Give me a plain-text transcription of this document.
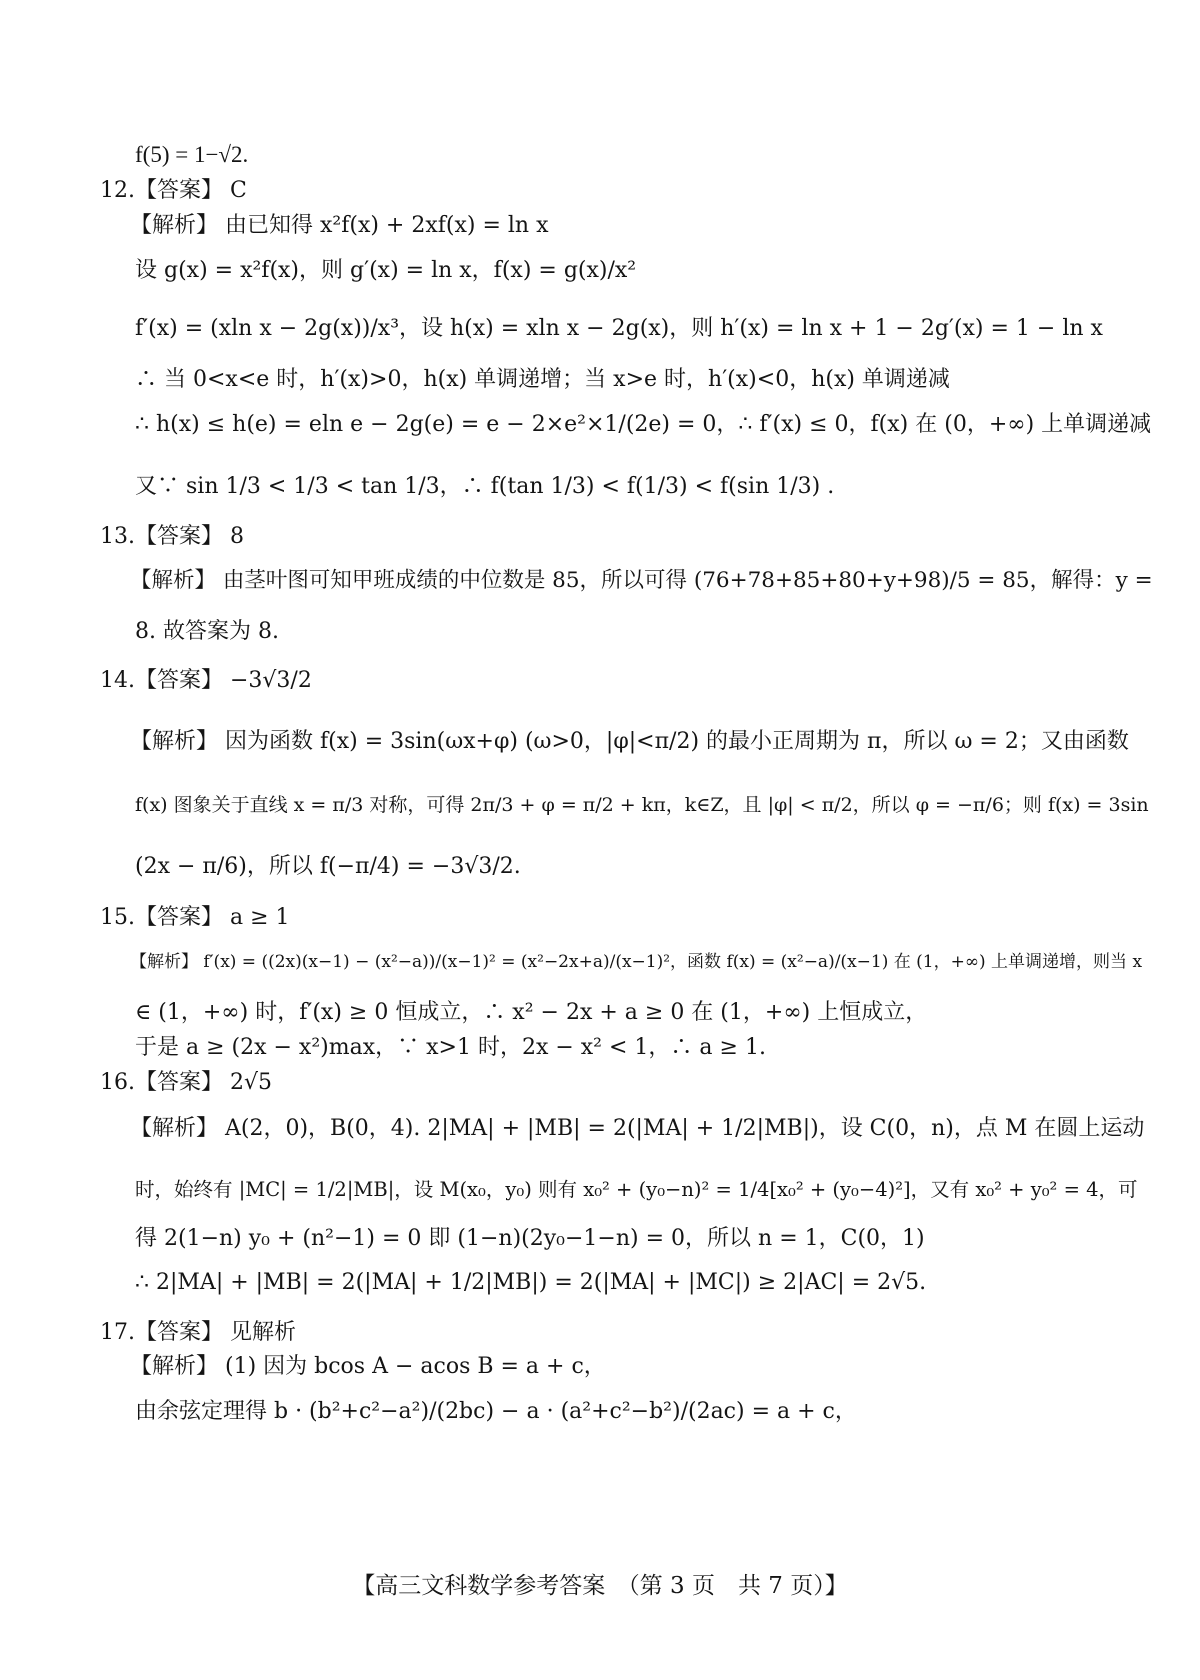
f(5) = 1−√2.
12.【答案】 C
【解析】 由已知得 x²f(x) + 2xf(x) = ln x
设 g(x) = x²f(x)，则 g′(x) = ln x，f(x) = g(x)/x²
f′(x) = (xln x − 2g(x))/x³，设 h(x) = xln x − 2g(x)，则 h′(x) = ln x + 1 − 2g′(x) = 1 − ln x
∴ 当 0<x<e 时，h′(x)>0，h(x) 单调递增；当 x>e 时，h′(x)<0，h(x) 单调递减
∴ h(x) ≤ h(e) = eln e − 2g(e) = e − 2×e²×1/(2e) = 0，∴ f′(x) ≤ 0，f(x) 在 (0，+∞) 上单调递减
又∵ sin 1/3 < 1/3 < tan 1/3，∴ f(tan 1/3) < f(1/3) < f(sin 1/3) .
13.【答案】 8
【解析】 由茎叶图可知甲班成绩的中位数是 85，所以可得 (76+78+85+80+y+98)/5 = 85，解得：y =
8. 故答案为 8.
14.【答案】 −3√3/2
【解析】 因为函数 f(x) = 3sin(ωx+φ) (ω>0，|φ|<π/2) 的最小正周期为 π，所以 ω = 2；又由函数
f(x) 图象关于直线 x = π/3 对称，可得 2π/3 + φ = π/2 + kπ，k∈Z，且 |φ| < π/2，所以 φ = −π/6；则 f(x) = 3sin
(2x − π/6)，所以 f(−π/4) = −3√3/2.
15.【答案】 a ≥ 1
【解析】 f′(x) = ((2x)(x−1) − (x²−a))/(x−1)² = (x²−2x+a)/(x−1)²，函数 f(x) = (x²−a)/(x−1) 在 (1，+∞) 上单调递增，则当 x
∈ (1，+∞) 时，f′(x) ≥ 0 恒成立，∴ x² − 2x + a ≥ 0 在 (1，+∞) 上恒成立，
于是 a ≥ (2x − x²)max，∵ x>1 时，2x − x² < 1，∴ a ≥ 1.
16.【答案】 2√5
【解析】 A(2，0)，B(0，4). 2|MA| + |MB| = 2(|MA| + 1/2|MB|)，设 C(0，n)，点 M 在圆上运动
时，始终有 |MC| = 1/2|MB|，设 M(x₀，y₀) 则有 x₀² + (y₀−n)² = 1/4[x₀² + (y₀−4)²]，又有 x₀² + y₀² = 4，可
得 2(1−n) y₀ + (n²−1) = 0 即 (1−n)(2y₀−1−n) = 0，所以 n = 1，C(0，1)
∴ 2|MA| + |MB| = 2(|MA| + 1/2|MB|) = 2(|MA| + |MC|) ≥ 2|AC| = 2√5.
17.【答案】 见解析
【解析】 (1) 因为 bcos A − acos B = a + c，
由余弦定理得 b · (b²+c²−a²)/(2bc) − a · (a²+c²−b²)/(2ac) = a + c，
【高三文科数学参考答案　（第 3 页　共 7 页）】
